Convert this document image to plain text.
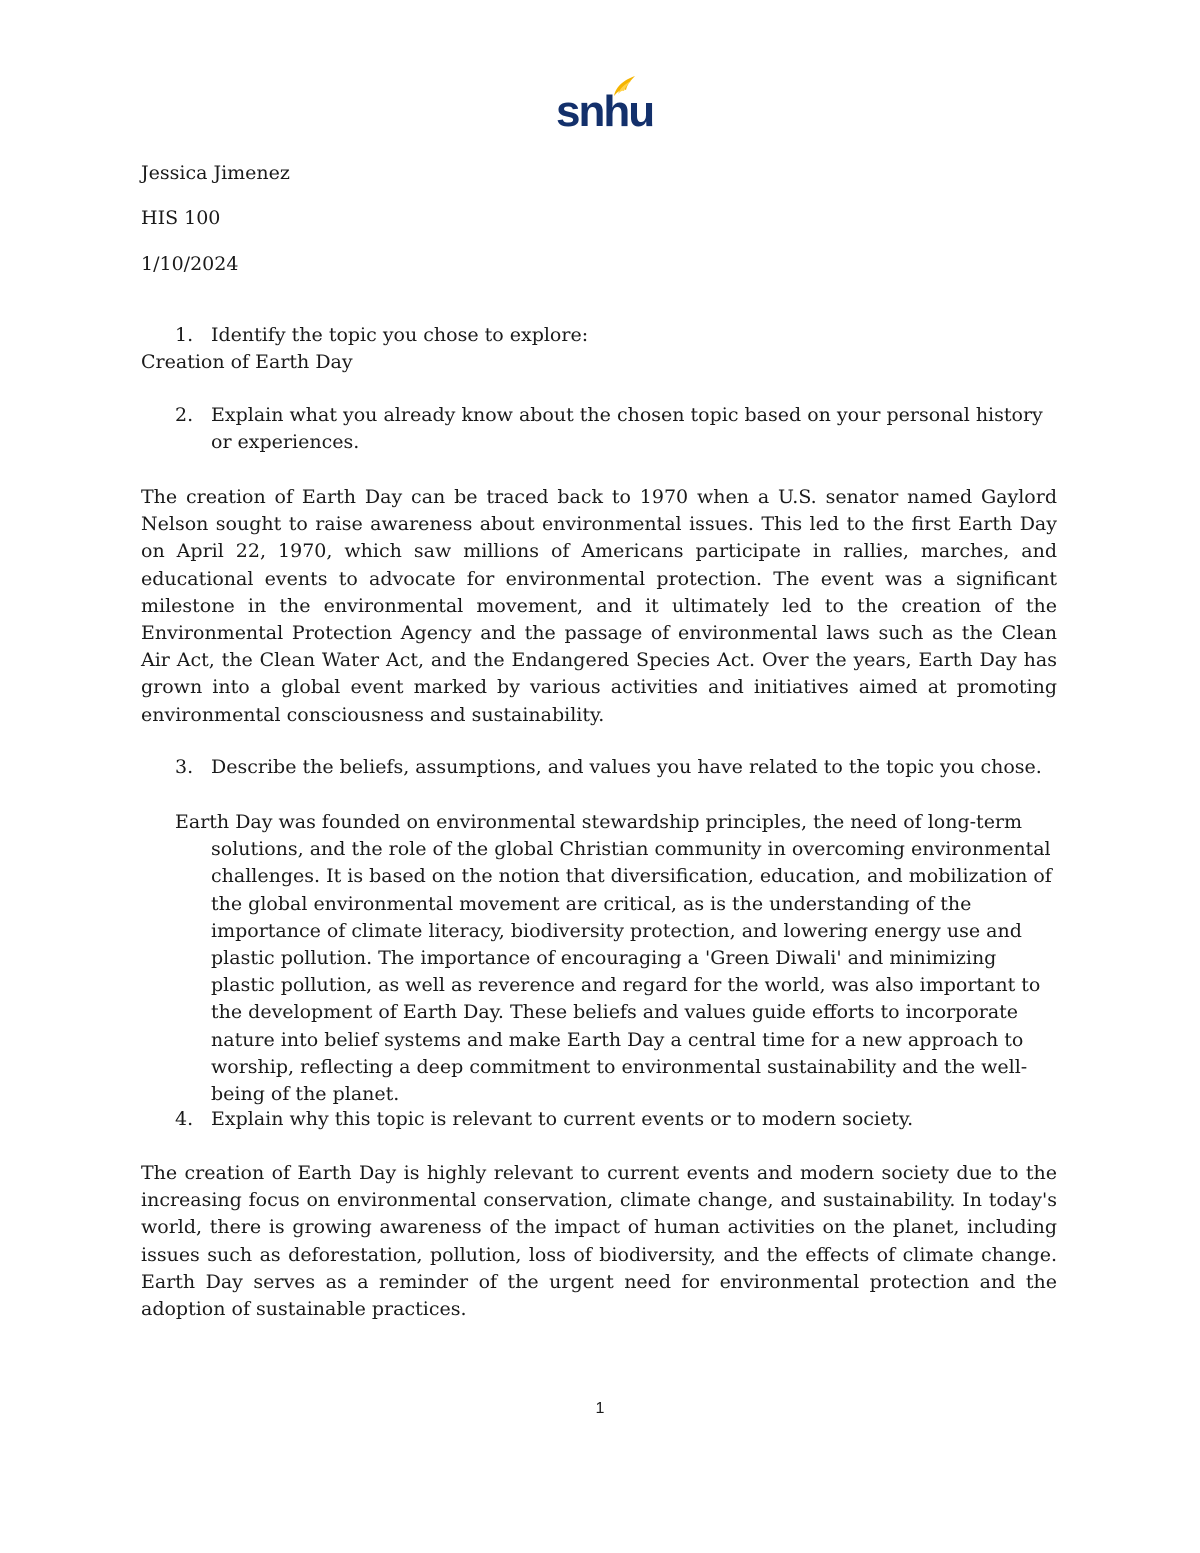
snhu
Jessica Jimenez
HIS 100
1/10/2024
1. Identify the topic you chose to explore:
Creation of Earth Day
2. Explain what you already know about the chosen topic based on your personal history or experiences.

The creation of Earth Day can be traced back to 1970 when a U.S. senator named Gaylord Nelson sought to raise awareness about environmental issues. This led to the first Earth Day on April 22, 1970, which saw millions of Americans participate in rallies, marches, and educational events to advocate for environmental protection. The event was a significant milestone in the environmental movement, and it ultimately led to the creation of the Environmental Protection Agency and the passage of environmental laws such as the Clean Air Act, the Clean Water Act, and the Endangered Species Act. Over the years, Earth Day has grown into a global event marked by various activities and initiatives aimed at promoting environmental consciousness and sustainability.

3. Describe the beliefs, assumptions, and values you have related to the topic you chose.

Earth Day was founded on environmental stewardship principles, the need of long-term solutions, and the role of the global Christian community in overcoming environmental challenges. It is based on the notion that diversification, education, and mobilization of the global environmental movement are critical, as is the understanding of the importance of climate literacy, biodiversity protection, and lowering energy use and plastic pollution. The importance of encouraging a 'Green Diwali' and minimizing plastic pollution, as well as reverence and regard for the world, was also important to the development of Earth Day. These beliefs and values guide efforts to incorporate nature into belief systems and make Earth Day a central time for a new approach to worship, reflecting a deep commitment to environmental sustainability and the well-being of the planet.

4. Explain why this topic is relevant to current events or to modern society.

The creation of Earth Day is highly relevant to current events and modern society due to the increasing focus on environmental conservation, climate change, and sustainability. In today's world, there is growing awareness of the impact of human activities on the planet, including issues such as deforestation, pollution, loss of biodiversity, and the effects of climate change. Earth Day serves as a reminder of the urgent need for environmental protection and the adoption of sustainable practices.

1
